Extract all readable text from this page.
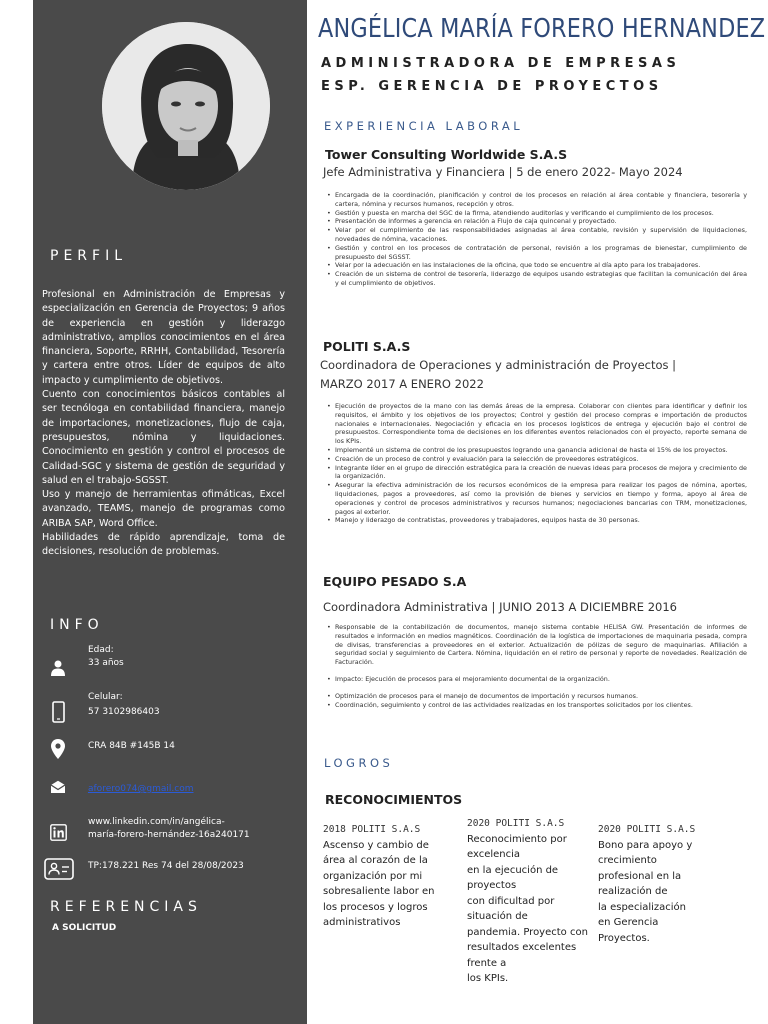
PERFIL

Profesional en Administración de Empresas y especialización en Gerencia de Proyectos; 9 años de experiencia en gestión y liderazgo administrativo, amplios conocimientos en el área financiera, Soporte, RRHH, Contabilidad, Tesorería y cartera entre otros. Líder de equipos de alto impacto y cumplimiento de objetivos.

Cuento con conocimientos básicos contables al ser tecnóloga en contabilidad financiera, manejo de importaciones, monetizaciones, flujo de caja, presupuestos, nómina y liquidaciones. Conocimiento en gestión y control el procesos de Calidad-SGC y sistema de gestión de seguridad y salud en el trabajo-SGSST.

Uso y manejo de herramientas ofimáticas, Excel avanzado, TEAMS, manejo de programas como ARIBA SAP, Word Office.

Habilidades de rápido aprendizaje, toma de decisiones, resolución de problemas.

INFO
Edad:
33 años
Celular:
57 3102986403
CRA 84B #145B 14
aforero074@gmail.com
www.linkedin.com/in/angélica-
maría-forero-hernández-16a240171
TP:178.221 Res 74 del 28/08/2023
REFERENCIAS
A SOLICITUD
ANGÉLICA MARÍA FORERO HERNANDEZ
ADMINISTRADORA DE EMPRESAS
ESP. GERENCIA DE PROYECTOS
EXPERIENCIA LABORAL
Tower Consulting Worldwide S.A.S
Jefe Administrativa y Financiera | 5 de enero 2022- Mayo 2024
• Encargada de la coordinación, planificación y control de los procesos en relación al área contable y financiera, tesorería y cartera, nómina y recursos humanos, recepción y otros.
• Gestión y puesta en marcha del SGC de la firma, atendiendo auditorías y verificando el cumplimiento de los procesos.
• Presentación de informes a gerencia en relación a Flujo de caja quincenal y proyectado.
• Velar por el cumplimiento de las responsabilidades asignadas al área contable, revisión y supervisión de liquidaciones, novedades de nómina, vacaciones.
• Gestión y control en los procesos de contratación de personal, revisión a los programas de bienestar, cumplimiento de presupuesto del SGSST.
• Velar por la adecuación en las instalaciones de la oficina, que todo se encuentre al día apto para los trabajadores.
• Creación de un sistema de control de tesorería, liderazgo de equipos usando estrategias que facilitan la comunicación del área y el cumplimiento de objetivos.
POLITI S.A.S
Coordinadora de Operaciones y administración de Proyectos |
MARZO 2017 A ENERO 2022
• Ejecución de proyectos de la mano con las demás áreas de la empresa. Colaborar con clientes para identificar y definir los requisitos, el ámbito y los objetivos de los proyectos; Control y gestión del proceso compras e importación de productos nacionales e internacionales. Negociación y eficacia en los procesos logísticos de entrega y ejecución bajo el control de presupuestos. Correspondiente toma de decisiones en los diferentes eventos relacionados con el proyecto, reporte semana de los KPIs.
• Implementé un sistema de control de los presupuestos logrando una ganancia adicional de hasta el 15% de los proyectos.
• Creación de un proceso de control y evaluación para la selección de proveedores estratégicos.
• Integrante líder en el grupo de dirección estratégica para la creación de nuevas ideas para procesos de mejora y crecimiento de la organización.
• Asegurar la efectiva administración de los recursos económicos de la empresa para realizar los pagos de nómina, aportes, liquidaciones, pagos a proveedores, así como la provisión de bienes y servicios en tiempo y forma, apoyo al área de operaciones y control de procesos administrativos y recursos humanos; negociaciones bancarias con TRM, monetizaciones, pagos al exterior.
• Manejo y liderazgo de contratistas, proveedores y trabajadores, equipos hasta de 30 personas.
EQUIPO PESADO S.A
Coordinadora Administrativa | JUNIO 2013 A DICIEMBRE 2016
• Responsable de la contabilización de documentos, manejo sistema contable HELISA GW. Presentación de informes de resultados e información en medios magnéticos. Coordinación de la logística de importaciones de maquinaria pesada, compra de divisas, transferencias a proveedores en el exterior. Actualización de pólizas de seguro de maquinarias. Afiliación a seguridad social y seguimiento de Cartera. Nómina, liquidación en el retiro de personal y reporte de novedades. Realización de Facturación.
• Impacto: Ejecución de procesos para el mejoramiento documental de la organización.
• Optimización de procesos para el manejo de documentos de importación y recursos humanos.
• Coordinación, seguimiento y control de las actividades realizadas en los transportes solicitados por los clientes.
LOGROS
RECONOCIMIENTOS
2018 POLITI S.A.S
Ascenso y cambio de
área al corazón de la
organización por mi
sobresaliente labor en
los procesos y logros
administrativos
2020 POLITI S.A.S
Reconocimiento por
excelencia
en la ejecución de
proyectos
con dificultad por
situación de
pandemia. Proyecto con
resultados excelentes
frente a
los KPIs.
2020 POLITI S.A.S
Bono para apoyo y
crecimiento
profesional en la
realización de
la especialización
en Gerencia
Proyectos.
